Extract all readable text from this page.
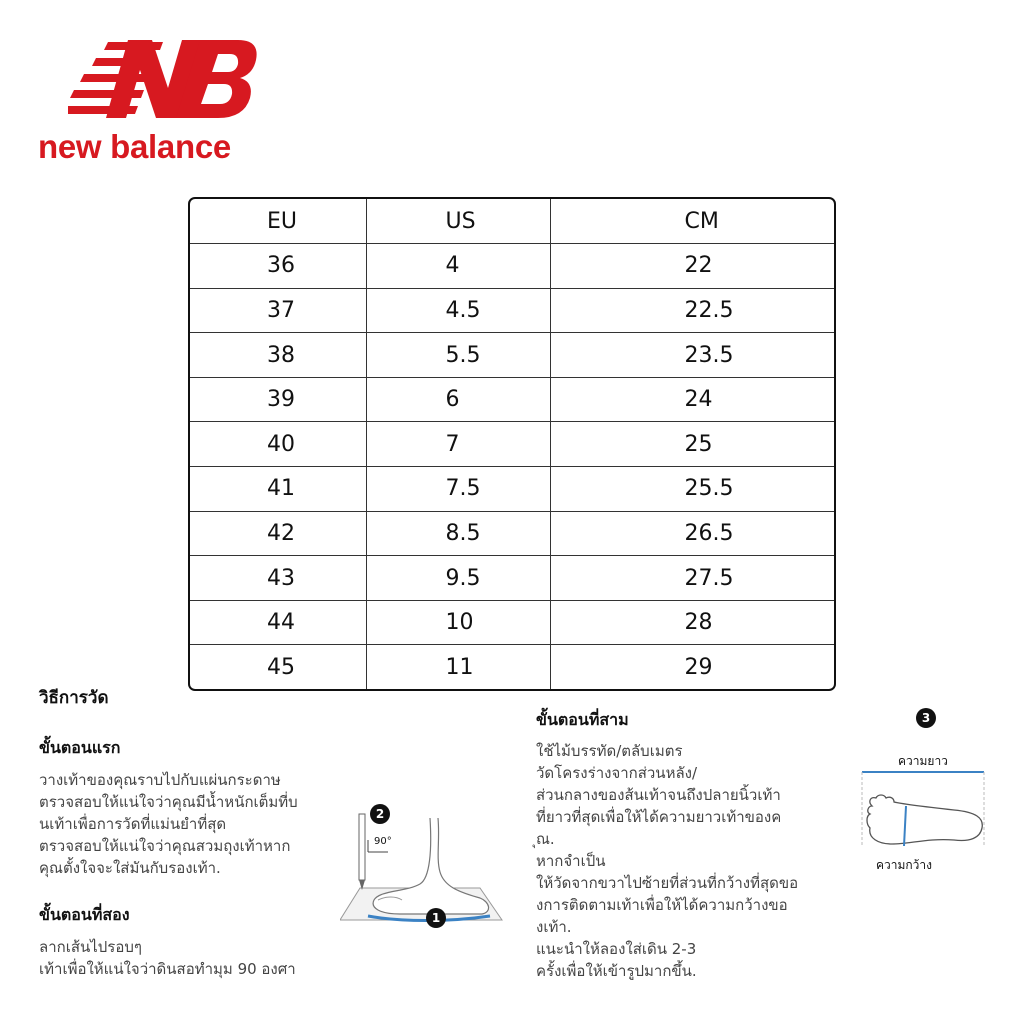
new balance
EU	US	CM
36	4	22
37	4.5	22.5
38	5.5	23.5
39	6	24
40	7	25
41	7.5	25.5
42	8.5	26.5
43	9.5	27.5
44	10	28
45	11	29
วิธีการวัด
ขั้นตอนแรก
วางเท้าของคุณราบไปกับแผ่นกระดาษ
ตรวจสอบให้แน่ใจว่าคุณมีน้ำหนักเต็มที่บ
นเท้าเพื่อการวัดที่แม่นยำที่สุด
ตรวจสอบให้แน่ใจว่าคุณสวมถุงเท้าหาก
คุณตั้งใจจะใส่มันกับรองเท้า.
ขั้นตอนที่สอง
ลากเส้นไปรอบๆ
เท้าเพื่อให้แน่ใจว่าดินสอทำมุม 90 องศา
2
90°
1
ขั้นตอนที่สาม
ใช้ไม้บรรทัด/ตลับเมตร
วัดโครงร่างจากส่วนหลัง/
ส่วนกลางของส้นเท้าจนถึงปลายนิ้วเท้า
ที่ยาวที่สุดเพื่อให้ได้ความยาวเท้าของค
ุณ.
หากจำเป็น
ให้วัดจากขวาไปซ้ายที่ส่วนที่กว้างที่สุดขอ
งการติดตามเท้าเพื่อให้ได้ความกว้างขอ
งเท้า.
แนะนำให้ลองใส่เดิน 2-3
ครั้งเพื่อให้เข้ารูปมากขึ้น.
3
ความยาว
ความกว้าง
